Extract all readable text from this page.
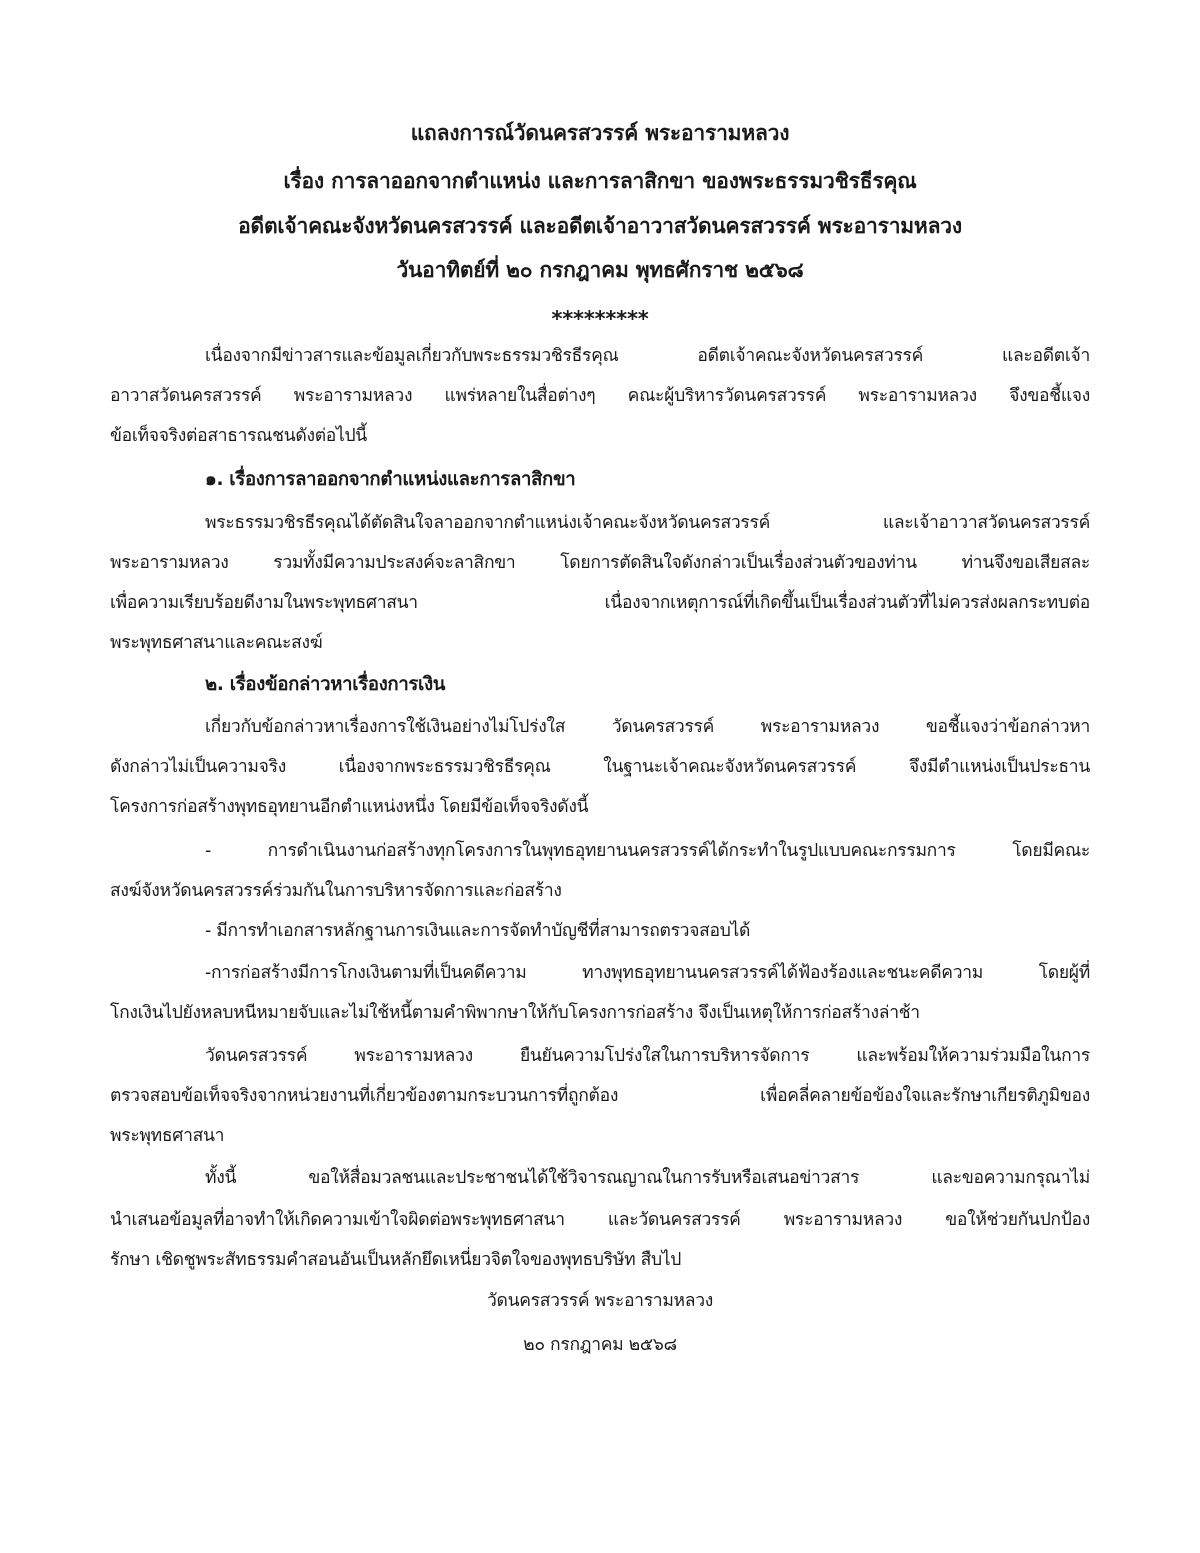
แถลงการณ์วัดนครสวรรค์ พระอารามหลวง
เรื่อง การลาออกจากตำแหน่ง และการลาสิกขา ของพระธรรมวชิรธีรคุณ
อดีตเจ้าคณะจังหวัดนครสวรรค์ และอดีตเจ้าอาวาสวัดนครสวรรค์ พระอารามหลวง
วันอาทิตย์ที่ ๒๐ กรกฎาคม พุทธศักราช ๒๕๖๘
*********
เนื่องจากมีข่าวสารและข้อมูลเกี่ยวกับพระธรรมวชิรธีรคุณ อดีตเจ้าคณะจังหวัดนครสวรรค์ และอดีตเจ้า
อาวาสวัดนครสวรรค์ พระอารามหลวง แพร่หลายในสื่อต่างๆ คณะผู้บริหารวัดนครสวรรค์ พระอารามหลวง จึงขอชี้แจง
ข้อเท็จจริงต่อสาธารณชนดังต่อไปนี้
๑. เรื่องการลาออกจากตำแหน่งและการลาสิกขา
พระธรรมวชิรธีรคุณได้ตัดสินใจลาออกจากตำแหน่งเจ้าคณะจังหวัดนครสวรรค์ และเจ้าอาวาสวัดนครสวรรค์
พระอารามหลวง รวมทั้งมีความประสงค์จะลาสิกขา โดยการตัดสินใจดังกล่าวเป็นเรื่องส่วนตัวของท่าน ท่านจึงขอเสียสละ
เพื่อความเรียบร้อยดีงามในพระพุทธศาสนา เนื่องจากเหตุการณ์ที่เกิดขึ้นเป็นเรื่องส่วนตัวที่ไม่ควรส่งผลกระทบต่อ
พระพุทธศาสนาและคณะสงฆ์
๒. เรื่องข้อกล่าวหาเรื่องการเงิน
เกี่ยวกับข้อกล่าวหาเรื่องการใช้เงินอย่างไม่โปร่งใส วัดนครสวรรค์ พระอารามหลวง ขอชี้แจงว่าข้อกล่าวหา
ดังกล่าวไม่เป็นความจริง เนื่องจากพระธรรมวชิรธีรคุณ ในฐานะเจ้าคณะจังหวัดนครสวรรค์ จึงมีตำแหน่งเป็นประธาน
โครงการก่อสร้างพุทธอุทยานอีกตำแหน่งหนึ่ง โดยมีข้อเท็จจริงดังนี้
- การดำเนินงานก่อสร้างทุกโครงการในพุทธอุทยานนครสวรรค์ได้กระทำในรูปแบบคณะกรรมการ โดยมีคณะ
สงฆ์จังหวัดนครสวรรค์ร่วมกันในการบริหารจัดการและก่อสร้าง
- มีการทำเอกสารหลักฐานการเงินและการจัดทำบัญชีที่สามารถตรวจสอบได้
-การก่อสร้างมีการโกงเงินตามที่เป็นคดีความ ทางพุทธอุทยานนครสวรรค์ได้ฟ้องร้องและชนะคดีความ โดยผู้ที่
โกงเงินไปยังหลบหนีหมายจับและไม่ใช้หนี้ตามคำพิพากษาให้กับโครงการก่อสร้าง จึงเป็นเหตุให้การก่อสร้างล่าช้า
วัดนครสวรรค์ พระอารามหลวง ยืนยันความโปร่งใสในการบริหารจัดการ และพร้อมให้ความร่วมมือในการ
ตรวจสอบข้อเท็จจริงจากหน่วยงานที่เกี่ยวข้องตามกระบวนการที่ถูกต้อง เพื่อคลี่คลายข้อข้องใจและรักษาเกียรติภูมิของ
พระพุทธศาสนา
ทั้งนี้ ขอให้สื่อมวลชนและประชาชนได้ใช้วิจารณญาณในการรับหรือเสนอข่าวสาร และขอความกรุณาไม่
นำเสนอข้อมูลที่อาจทำให้เกิดความเข้าใจผิดต่อพระพุทธศาสนา และวัดนครสวรรค์ พระอารามหลวง ขอให้ช่วยกันปกป้อง
รักษา เชิดชูพระสัทธรรมคำสอนอันเป็นหลักยึดเหนี่ยวจิตใจของพุทธบริษัท สืบไป
วัดนครสวรรค์ พระอารามหลวง
๒๐ กรกฎาคม ๒๕๖๘
